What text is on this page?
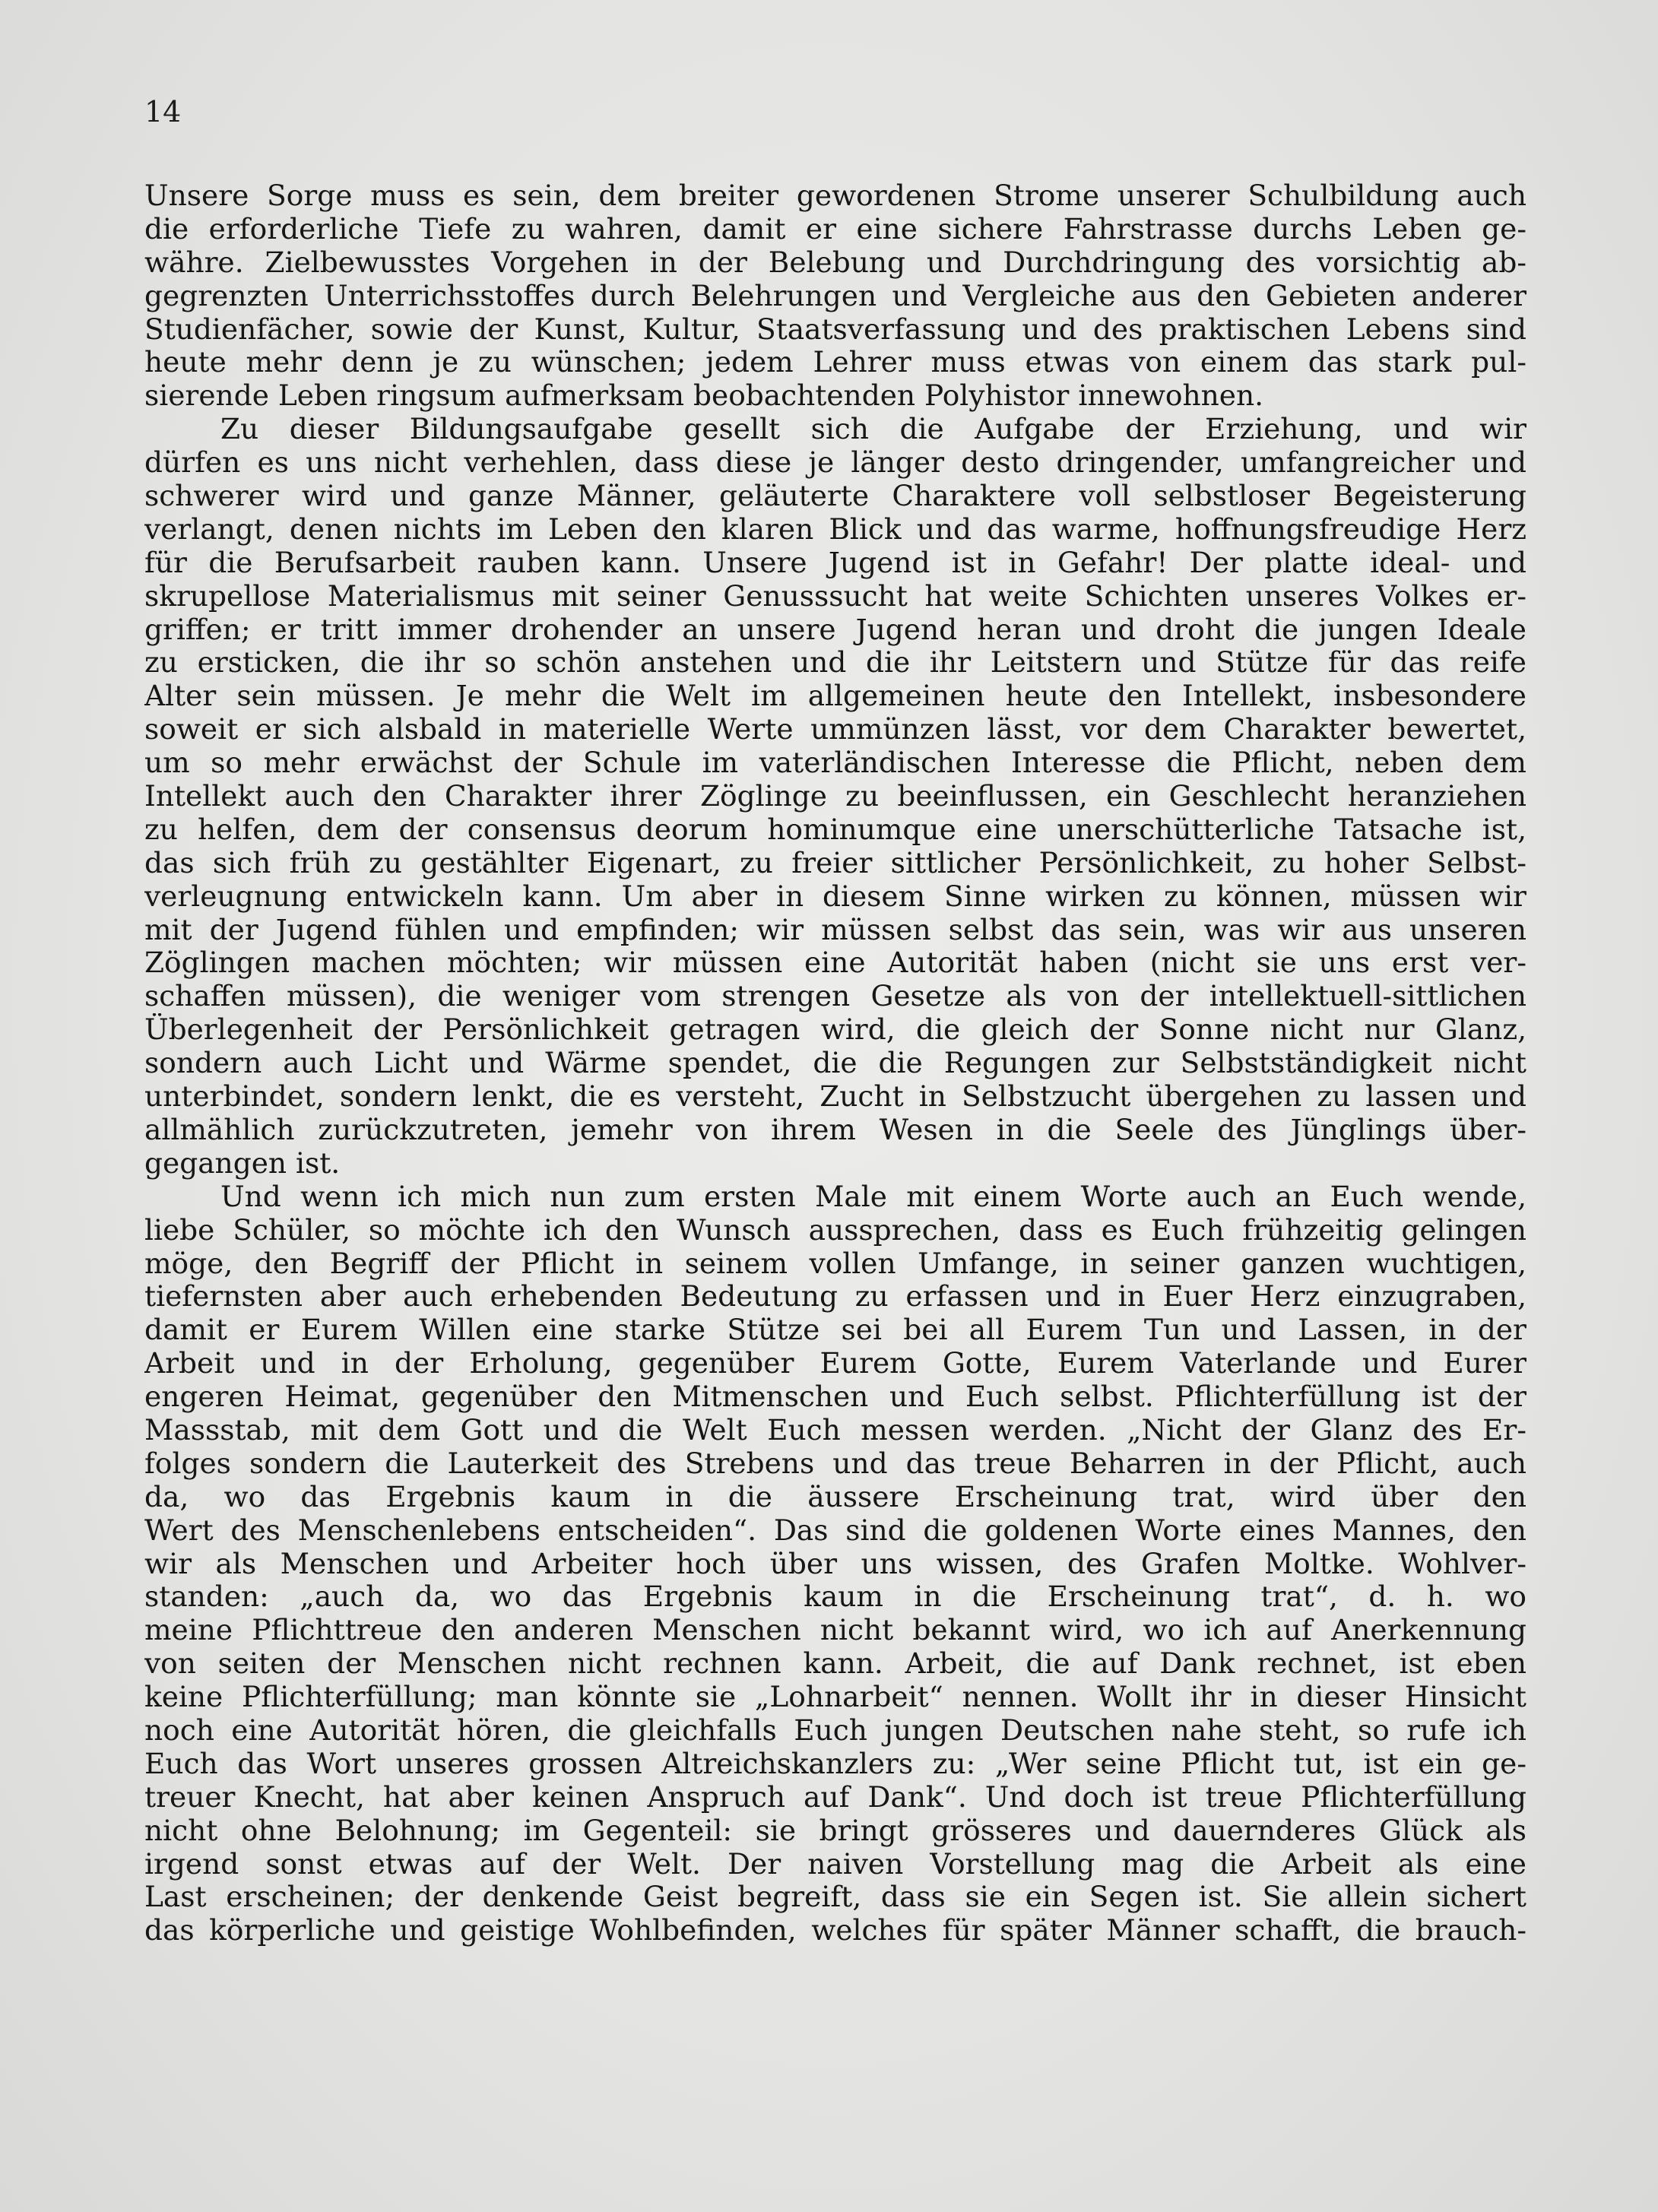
14
Unsere Sorge muss es sein, dem breiter gewordenen Strome unserer Schulbildung auch
die erforderliche Tiefe zu wahren, damit er eine sichere Fahrstrasse durchs Leben ge-
währe. Zielbewusstes Vorgehen in der Belebung und Durchdringung des vorsichtig ab-
gegrenzten Unterrichsstoffes durch Belehrungen und Vergleiche aus den Gebieten anderer
Studienfächer, sowie der Kunst, Kultur, Staatsverfassung und des praktischen Lebens sind
heute mehr denn je zu wünschen; jedem Lehrer muss etwas von einem das stark pul-
sierende Leben ringsum aufmerksam beobachtenden Polyhistor innewohnen.
Zu dieser Bildungsaufgabe gesellt sich die Aufgabe der Erziehung, und wir
dürfen es uns nicht verhehlen, dass diese je länger desto dringender, umfangreicher und
schwerer wird und ganze Männer, geläuterte Charaktere voll selbstloser Begeisterung
verlangt, denen nichts im Leben den klaren Blick und das warme, hoffnungsfreudige Herz
für die Berufsarbeit rauben kann. Unsere Jugend ist in Gefahr! Der platte ideal- und
skrupellose Materialismus mit seiner Genusssucht hat weite Schichten unseres Volkes er-
griffen; er tritt immer drohender an unsere Jugend heran und droht die jungen Ideale
zu ersticken, die ihr so schön anstehen und die ihr Leitstern und Stütze für das reife
Alter sein müssen. Je mehr die Welt im allgemeinen heute den Intellekt, insbesondere
soweit er sich alsbald in materielle Werte ummünzen lässt, vor dem Charakter bewertet,
um so mehr erwächst der Schule im vaterländischen Interesse die Pflicht, neben dem
Intellekt auch den Charakter ihrer Zöglinge zu beeinflussen, ein Geschlecht heranziehen
zu helfen, dem der consensus deorum hominumque eine unerschütterliche Tatsache ist,
das sich früh zu gestählter Eigenart, zu freier sittlicher Persönlichkeit, zu hoher Selbst-
verleugnung entwickeln kann. Um aber in diesem Sinne wirken zu können, müssen wir
mit der Jugend fühlen und empfinden; wir müssen selbst das sein, was wir aus unseren
Zöglingen machen möchten; wir müssen eine Autorität haben (nicht sie uns erst ver-
schaffen müssen), die weniger vom strengen Gesetze als von der intellektuell-sittlichen
Überlegenheit der Persönlichkeit getragen wird, die gleich der Sonne nicht nur Glanz,
sondern auch Licht und Wärme spendet, die die Regungen zur Selbstständigkeit nicht
unterbindet, sondern lenkt, die es versteht, Zucht in Selbstzucht übergehen zu lassen und
allmählich zurückzutreten, jemehr von ihrem Wesen in die Seele des Jünglings über-
gegangen ist.
Und wenn ich mich nun zum ersten Male mit einem Worte auch an Euch wende,
liebe Schüler, so möchte ich den Wunsch aussprechen, dass es Euch frühzeitig gelingen
möge, den Begriff der Pflicht in seinem vollen Umfange, in seiner ganzen wuchtigen,
tiefernsten aber auch erhebenden Bedeutung zu erfassen und in Euer Herz einzugraben,
damit er Eurem Willen eine starke Stütze sei bei all Eurem Tun und Lassen, in der
Arbeit und in der Erholung, gegenüber Eurem Gotte, Eurem Vaterlande und Eurer
engeren Heimat, gegenüber den Mitmenschen und Euch selbst. Pflichterfüllung ist der
Massstab, mit dem Gott und die Welt Euch messen werden. „Nicht der Glanz des Er-
folges sondern die Lauterkeit des Strebens und das treue Beharren in der Pflicht, auch
da, wo das Ergebnis kaum in die äussere Erscheinung trat, wird über den
Wert des Menschenlebens entscheiden“. Das sind die goldenen Worte eines Mannes, den
wir als Menschen und Arbeiter hoch über uns wissen, des Grafen Moltke. Wohlver-
standen: „auch da, wo das Ergebnis kaum in die Erscheinung trat“, d. h. wo
meine Pflichttreue den anderen Menschen nicht bekannt wird, wo ich auf Anerkennung
von seiten der Menschen nicht rechnen kann. Arbeit, die auf Dank rechnet, ist eben
keine Pflichterfüllung; man könnte sie „Lohnarbeit“ nennen. Wollt ihr in dieser Hinsicht
noch eine Autorität hören, die gleichfalls Euch jungen Deutschen nahe steht, so rufe ich
Euch das Wort unseres grossen Altreichskanzlers zu: „Wer seine Pflicht tut, ist ein ge-
treuer Knecht, hat aber keinen Anspruch auf Dank“. Und doch ist treue Pflichterfüllung
nicht ohne Belohnung; im Gegenteil: sie bringt grösseres und dauernderes Glück als
irgend sonst etwas auf der Welt. Der naiven Vorstellung mag die Arbeit als eine
Last erscheinen; der denkende Geist begreift, dass sie ein Segen ist. Sie allein sichert
das körperliche und geistige Wohlbefinden, welches für später Männer schafft, die brauch-
